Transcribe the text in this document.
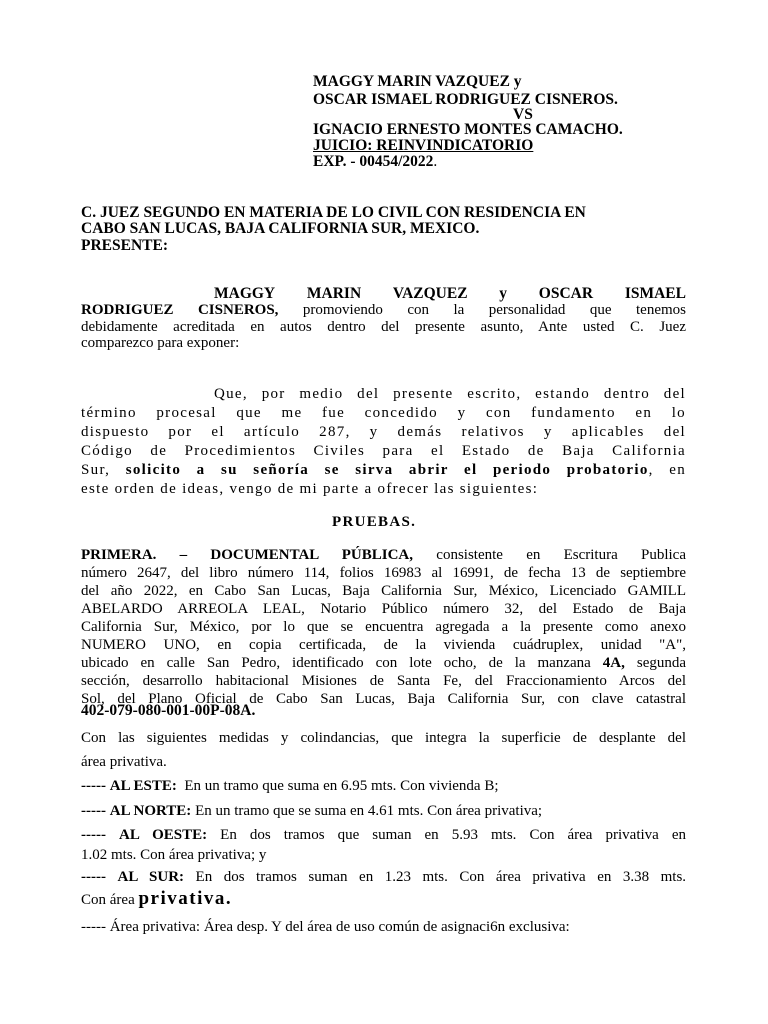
MAGGY MARIN VAZQUEZ y
OSCAR ISMAEL RODRIGUEZ CISNEROS.
VS
IGNACIO ERNESTO MONTES CAMACHO.
JUICIO: REINVINDICATORIO
EXP. - 00454/2022.
C. JUEZ SEGUNDO EN MATERIA DE LO CIVIL CON RESIDENCIA EN
CABO SAN LUCAS, BAJA CALIFORNIA SUR, MEXICO.
PRESENTE:
MAGGY MARIN VAZQUEZ y OSCAR ISMAEL
RODRIGUEZ CISNEROS, promoviendo con la personalidad que tenemos
debidamente acreditada en autos dentro del presente asunto, Ante usted C. Juez
comparezco para exponer:
Que, por medio del presente escrito, estando dentro del
término procesal que me fue concedido y con fundamento en lo
dispuesto por el artículo 287, y demás relativos y aplicables del
Código de Procedimientos Civiles para el Estado de Baja California
Sur, solicito a su señoría se sirva abrir el periodo probatorio, en
este orden de ideas, vengo de mi parte a ofrecer las siguientes:
PRUEBAS.
PRIMERA. – DOCUMENTAL PÚBLICA, consistente en Escritura Publica
número 2647, del libro número 114, folios 16983 al 16991, de fecha 13 de septiembre
del año 2022, en Cabo San Lucas, Baja California Sur, México, Licenciado GAMILL
ABELARDO ARREOLA LEAL, Notario Público número 32, del Estado de Baja
California Sur, México, por lo que se encuentra agregada a la presente como anexo
NUMERO UNO, en copia certificada, de la vivienda cuádruplex, unidad "A",
ubicado en calle San Pedro, identificado con lote ocho, de la manzana 4A, segunda
sección, desarrollo habitacional Misiones de Santa Fe, del Fraccionamiento Arcos del
Sol, del Plano Oficial de Cabo San Lucas, Baja California Sur, con clave catastral
402-079-080-001-00P-08A.
Con las siguientes medidas y colindancias, que integra la superficie de desplante del
área privativa.
----- AL ESTE: En un tramo que suma en 6.95 mts. Con vivienda B;
----- AL NORTE: En un tramo que se suma en 4.61 mts. Con área privativa;
----- AL OESTE: En dos tramos que suman en 5.93 mts. Con área privativa en
1.02 mts. Con área privativa; y
----- AL SUR: En dos tramos suman en 1.23 mts. Con área privativa en 3.38 mts.
Con área privativa.
----- Área privativa: Área desp. Y del área de uso común de asignaci6n exclusiva:
